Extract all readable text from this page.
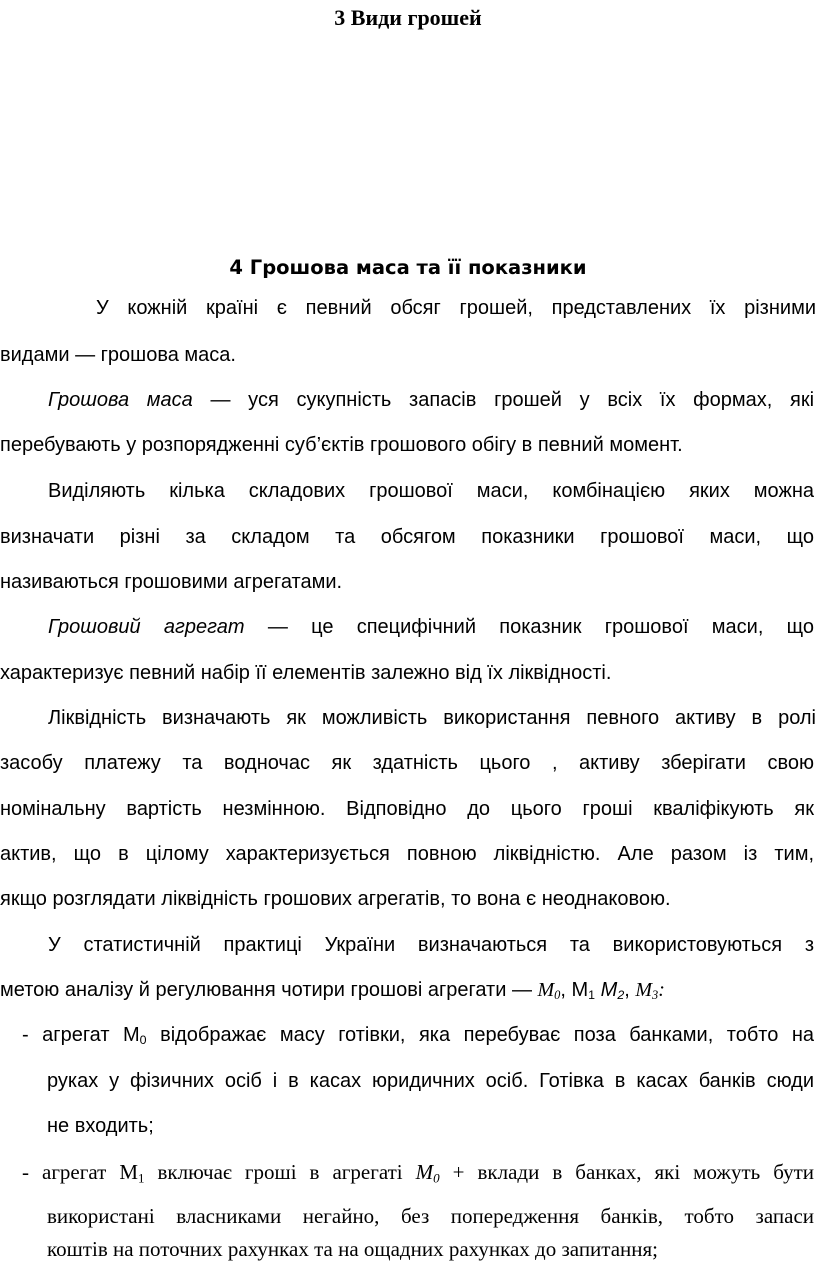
3 Види грошей
4 Грошова маса та її показники
У кожній країні є певний обсяг грошей, представлених їх різними
видами — грошова маса.
Грошова маса — уся сукупність запасів грошей у всіх їх формах, які
перебувають у розпорядженні суб’єктів грошового обігу в певний момент.
Виділяють кілька складових грошової маси, комбінацією яких можна
визначати різні за складом та обсягом показники грошової маси, що
називаються грошовими агрегатами.
Грошовий агрегат — це специфічний показник грошової маси, що
характеризує певний набір її елементів залежно від їх ліквідності.
Ліквідність визначають як можливість використання певного активу в ролі
засобу платежу та водночас як здатність цього , активу зберігати свою
номінальну вартість незмінною. Відповідно до цього гроші кваліфікують як
актив, що в цілому характеризується повною ліквідністю. Але разом із тим,
якщо розглядати ліквідність грошових агрегатів, то вона є неоднаковою.
У статистичній практиці України визначаються та використовуються з
метою аналізу й регулювання чотири грошові агрегати — $М_0$, $М_1$ $М_2$, $М_3$:
- агрегат $М_0$ відображає масу готівки, яка перебуває поза банками, тобто на
руках у фізичних осіб і в касах юридичних осіб. Готівка в касах банків сюди
не входить;
- агрегат $М_1$ включає гроші в агрегаті $М_0$ + вклади в банках, які можуть бути
використані власниками негайно, без попередження банків, тобто запаси
коштів на поточних рахунках та на ощадних рахунках до запитання;
